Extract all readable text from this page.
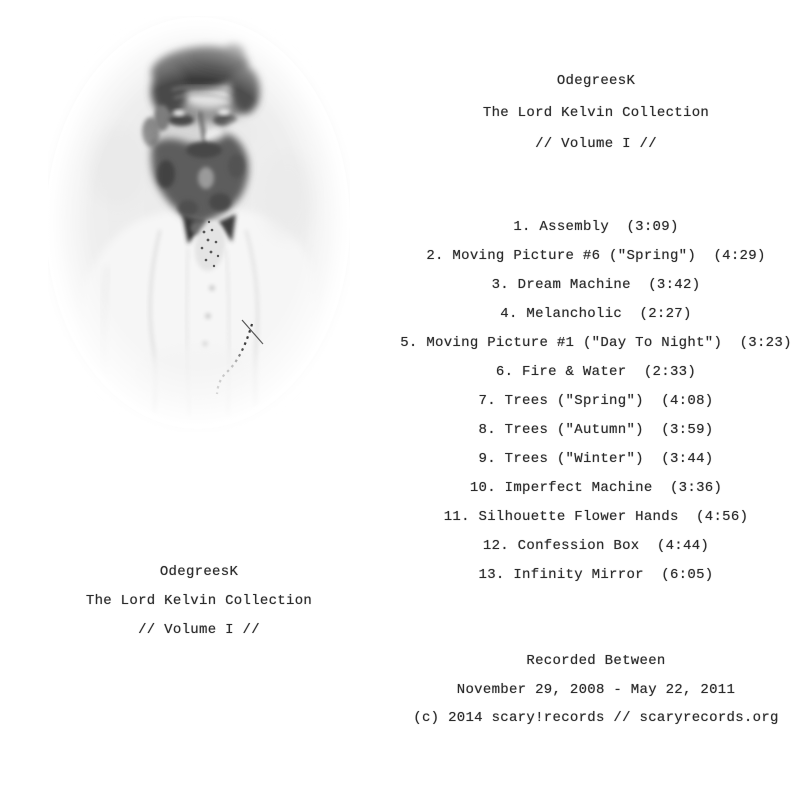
OdegreesK
The Lord Kelvin Collection
// Volume I //
1. Assembly  (3:09)
2. Moving Picture #6 ("Spring")  (4:29)
3. Dream Machine  (3:42)
4. Melancholic  (2:27)
5. Moving Picture #1 ("Day To Night")  (3:23)
6. Fire & Water  (2:33)
7. Trees ("Spring")  (4:08)
8. Trees ("Autumn")  (3:59)
9. Trees ("Winter")  (3:44)
10. Imperfect Machine  (3:36)
11. Silhouette Flower Hands  (4:56)
12. Confession Box  (4:44)
13. Infinity Mirror  (6:05)
OdegreesK
The Lord Kelvin Collection
// Volume I //
Recorded Between
November 29, 2008 - May 22, 2011
(c) 2014 scary!records // scaryrecords.org
